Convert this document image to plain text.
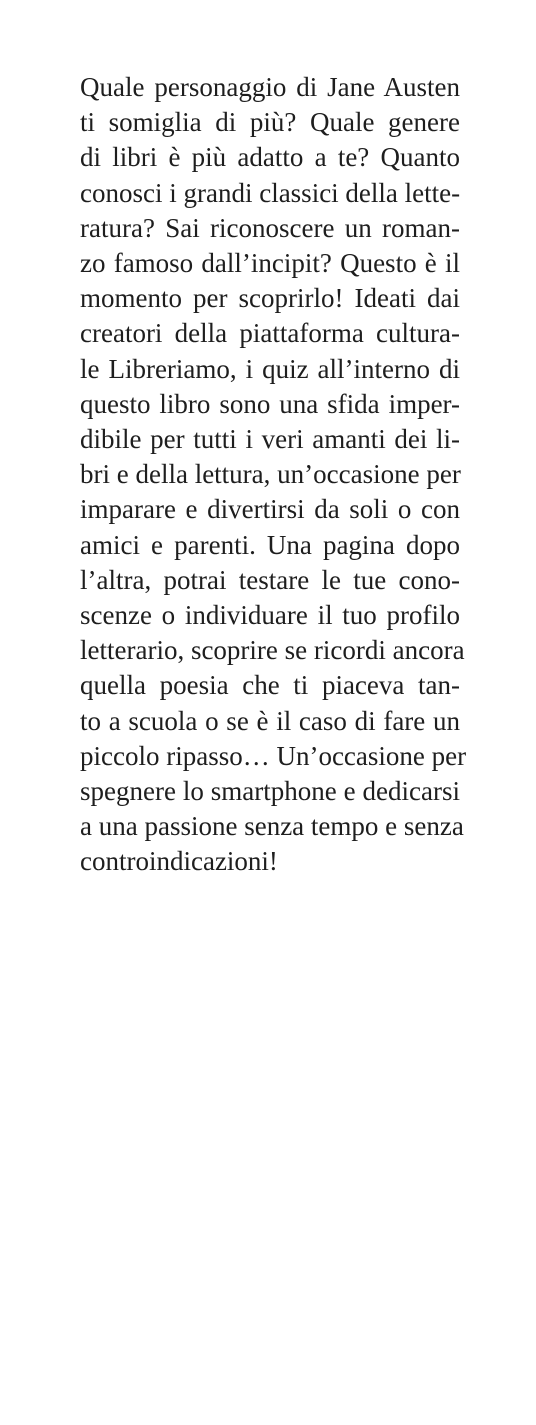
Quale personaggio di Jane Austen
ti somiglia di più? Quale genere
di libri è più adatto a te? Quanto
conosci i grandi classici della lette-
ratura? Sai riconoscere un roman-
zo famoso dall’incipit? Questo è il
momento per scoprirlo! Ideati dai
creatori della piattaforma cultura-
le Libreriamo, i quiz all’interno di
questo libro sono una sfida imper-
dibile per tutti i veri amanti dei li-
bri e della lettura, un’occasione per
imparare e divertirsi da soli o con
amici e parenti. Una pagina dopo
l’altra, potrai testare le tue cono-
scenze o individuare il tuo profilo
letterario, scoprire se ricordi ancora
quella poesia che ti piaceva tan-
to a scuola o se è il caso di fare un
piccolo ripasso… Un’occasione per
spegnere lo smartphone e dedicarsi
a una passione senza tempo e senza
controindicazioni!
